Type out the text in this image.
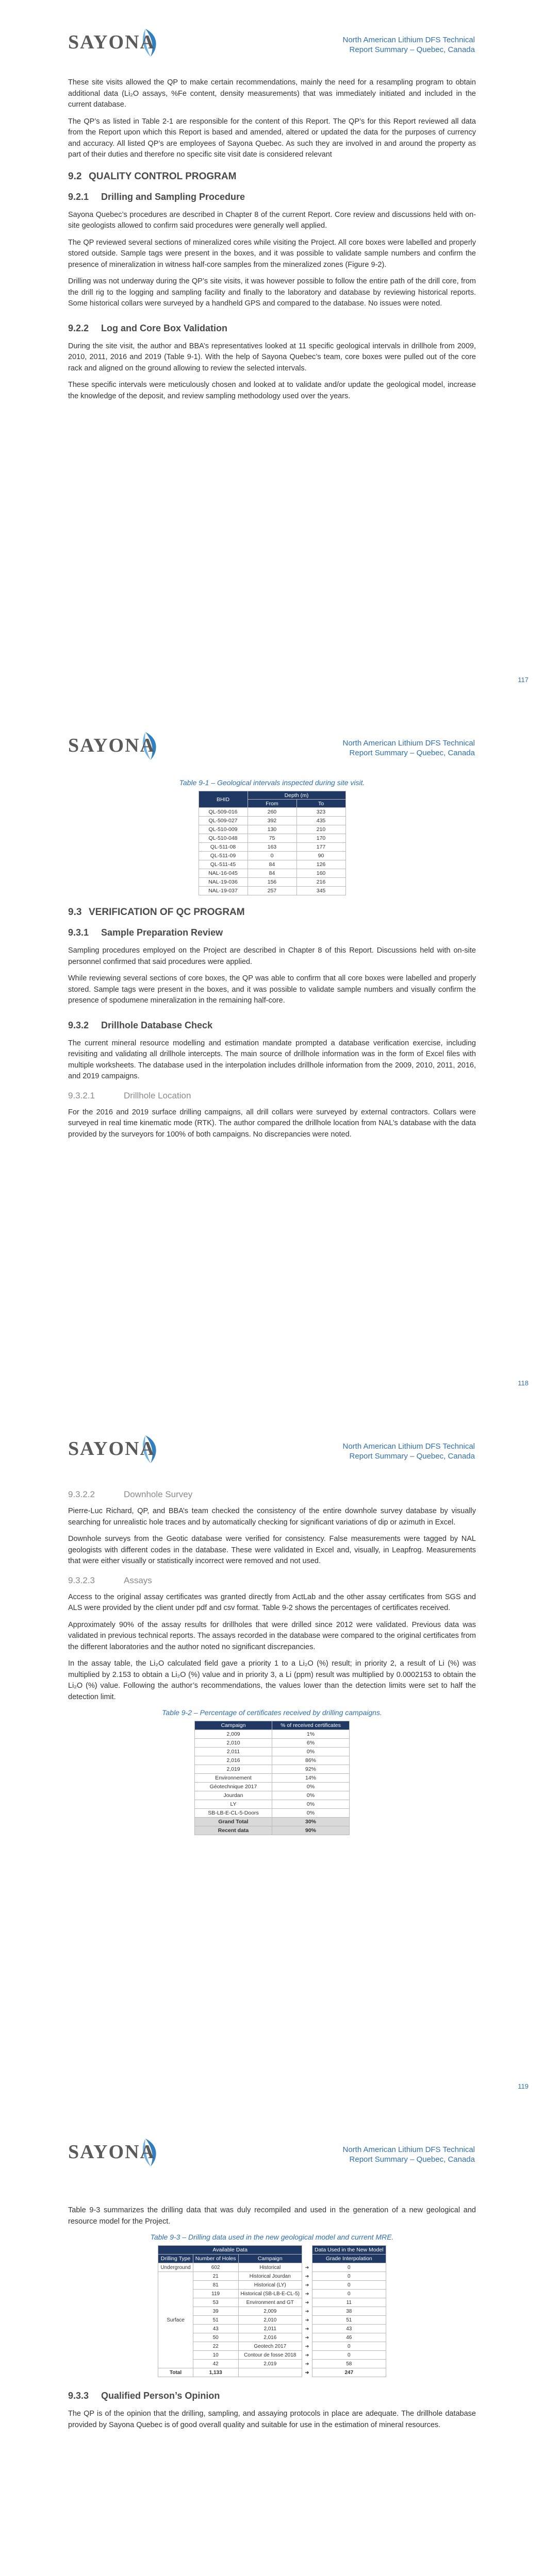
SAYONA	North American Lithium DFS Technical
Report Summary – Quebec, Canada

These site visits allowed the QP to make certain recommendations, mainly the need for a resampling program to obtain additional data (Li₂O assays, %Fe content, density measurements) that was immediately initiated and included in the current database.

The QP’s as listed in Table 2-1 are responsible for the content of this Report. The QP’s for this Report reviewed all data from the Report upon which this Report is based and amended, altered or updated the data for the purposes of currency and accuracy. All listed QP’s are employees of Sayona Quebec. As such they are involved in and around the property as part of their duties and therefore no specific site visit date is considered relevant

9.2 QUALITY CONTROL PROGRAM
9.2.1	Drilling and Sampling Procedure

Sayona Quebec’s procedures are described in Chapter 8 of the current Report. Core review and discussions held with on-site geologists allowed to confirm said procedures were generally well applied.

The QP reviewed several sections of mineralized cores while visiting the Project. All core boxes were labelled and properly stored outside. Sample tags were present in the boxes, and it was possible to validate sample numbers and confirm the presence of mineralization in witness half-core samples from the mineralized zones (Figure 9-2).

Drilling was not underway during the QP’s site visits, it was however possible to follow the entire path of the drill core, from the drill rig to the logging and sampling facility and finally to the laboratory and database by reviewing historical reports. Some historical collars were surveyed by a handheld GPS and compared to the database. No issues were noted.

9.2.2	Log and Core Box Validation

During the site visit, the author and BBA’s representatives looked at 11 specific geological intervals in drillhole from 2009, 2010, 2011, 2016 and 2019 (Table 9-1). With the help of Sayona Quebec’s team, core boxes were pulled out of the core rack and aligned on the ground allowing to review the selected intervals.

These specific intervals were meticulously chosen and looked at to validate and/or update the geological model, increase the knowledge of the deposit, and review sampling methodology used over the years.

117
SAYONA	North American Lithium DFS Technical
Report Summary – Quebec, Canada
Table 9-1 – Geological intervals inspected during site visit.
BHID	Depth (m)	
	From	To
QL-509-016	260	323
QL-509-027	392	435
QL-510-009	130	210
QL-510-048	75	170
QL-511-08	163	177
QL-511-09	0	90
QL-511-45	84	126
NAL-16-045	84	160
NAL-19-036	156	216
NAL-19-037	257	345
9.3 VERIFICATION OF QC PROGRAM
9.3.1	Sample Preparation Review

Sampling procedures employed on the Project are described in Chapter 8 of this Report. Discussions held with on-site personnel confirmed that said procedures were applied.

While reviewing several sections of core boxes, the QP was able to confirm that all core boxes were labelled and properly stored. Sample tags were present in the boxes, and it was possible to validate sample numbers and visually confirm the presence of spodumene mineralization in the remaining half-core.

9.3.2	Drillhole Database Check

The current mineral resource modelling and estimation mandate prompted a database verification exercise, including revisiting and validating all drillhole intercepts. The main source of drillhole information was in the form of Excel files with multiple worksheets. The database used in the interpolation includes drillhole information from the 2009, 2010, 2011, 2016, and 2019 campaigns.

9.3.2.1	Drillhole Location

For the 2016 and 2019 surface drilling campaigns, all drill collars were surveyed by external contractors. Collars were surveyed in real time kinematic mode (RTK). The author compared the drillhole location from NAL’s database with the data provided by the surveyors for 100% of both campaigns. No discrepancies were noted.

118
SAYONA	North American Lithium DFS Technical
Report Summary – Quebec, Canada
9.3.2.2	Downhole Survey

Pierre-Luc Richard, QP, and BBA’s team checked the consistency of the entire downhole survey database by visually searching for unrealistic hole traces and by automatically checking for significant variations of dip or azimuth in Excel.

Downhole surveys from the Geotic database were verified for consistency. False measurements were tagged by NAL geologists with different codes in the database. These were validated in Excel and, visually, in Leapfrog. Measurements that were either visually or statistically incorrect were removed and not used.

9.3.2.3	Assays

Access to the original assay certificates was granted directly from ActLab and the other assay certificates from SGS and ALS were provided by the client under pdf and csv format. Table 9-2 shows the percentages of certificates received.

Approximately 90% of the assay results for drillholes that were drilled since 2012 were validated. Previous data was validated in previous technical reports. The assays recorded in the database were compared to the original certificates from the different laboratories and the author noted no significant discrepancies.

In the assay table, the Li₂O calculated field gave a priority 1 to a Li₂O (%) result; in priority 2, a result of Li (%) was multiplied by 2.153 to obtain a Li₂O (%) value and in priority 3, a Li (ppm) result was multiplied by 0.0002153 to obtain the Li₂O (%) value. Following the author’s recommendations, the values lower than the detection limits were set to half the detection limit.

Table 9-2 – Percentage of certificates received by drilling campaigns.
Campaign	% of received certificates
2,009	1%
2,010	6%
2,011	0%
2,016	86%
2,019	92%
Environnement	14%
Géotechnique 2017	0%
Jourdan	0%
LY	0%
SB-LB-E-CL-5-Doors	0%
Grand Total	30%
Recent data	90%
119
SAYONA	North American Lithium DFS Technical
Report Summary – Quebec, Canada

Table 9-3 summarizes the drilling data that was duly recompiled and used in the generation of a new geological and resource model for the Project.

Table 9-3 – Drilling data used in the new geological model and current MRE.
Available Data				Data Used in the New Model
Drilling Type	Number of Holes	Campaign		Grade Interpolation
Underground	602	Historical	➔	0
Surface	21	Historical Jourdan	➔	0
	81	Historical (LY)	➔	0
	119	Historical (SB-LB-E-CL-5)	➔	0
	53	Environment and GT	➔	11
	39	2,009	➔	38
	51	2,010	➔	51
	43	2,011	➔	43
	50	2,016	➔	46
	22	Geotech 2017	➔	0
	10	Contour de fosse 2018	➔	0
	42	2,019	➔	58
Total	1,133		➔	247
9.3.3	Qualified Person’s Opinion

The QP is of the opinion that the drilling, sampling, and assaying protocols in place are adequate. The drillhole database provided by Sayona Quebec is of good overall quality and suitable for use in the estimation of mineral resources.
